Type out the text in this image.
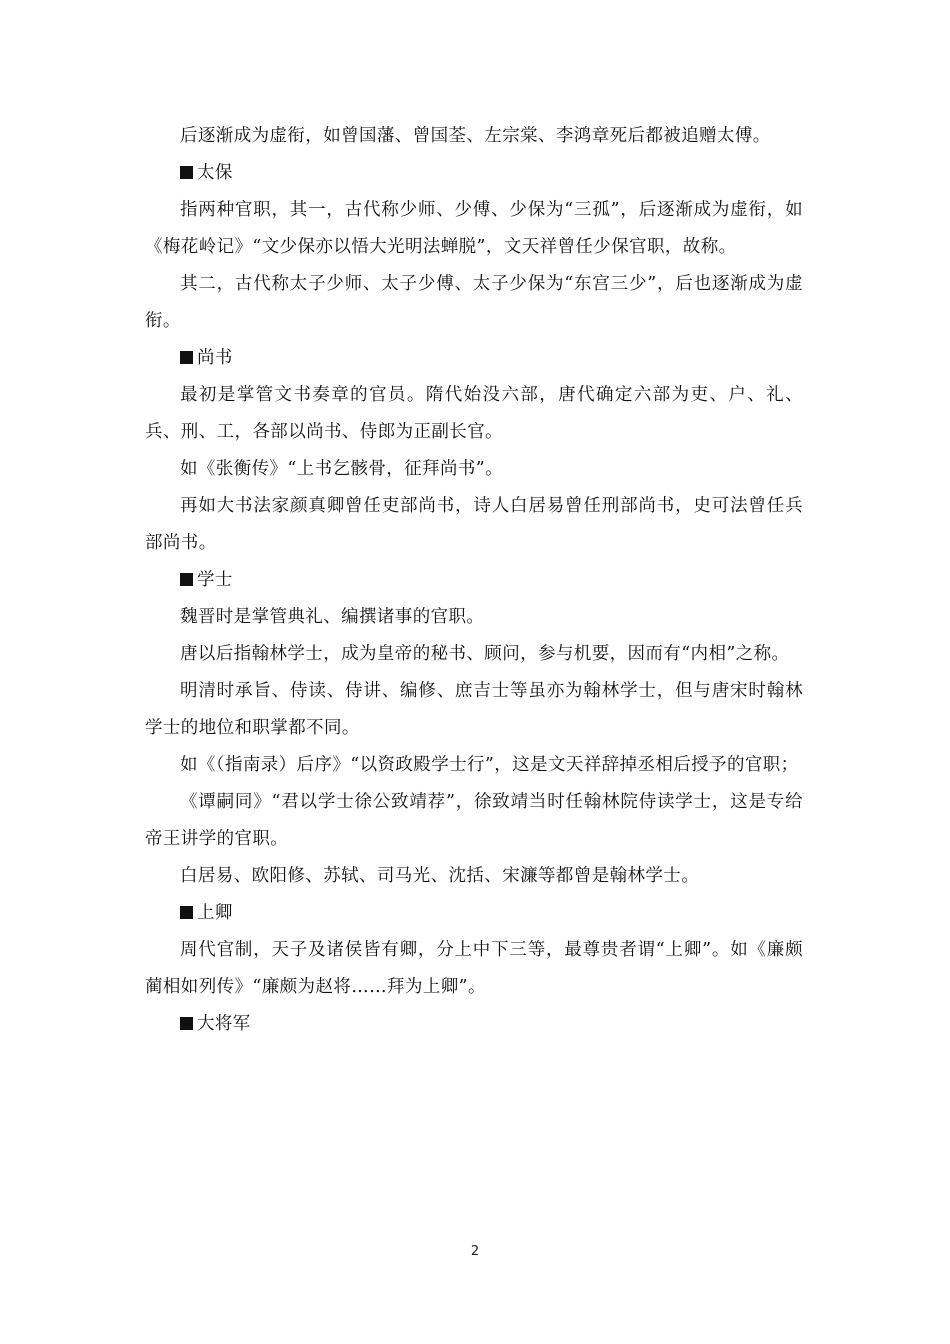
后逐渐成为虚衔，如曾国藩、曾国荃、左宗棠、李鸿章死后都被追赠太傅。

太保

指两种官职，其一，古代称少师、少傅、少保为“三孤”，后逐渐成为虚衔，如《梅花岭记》“文少保亦以悟大光明法蝉脱”，文天祥曾任少保官职，故称。

其二，古代称太子少师、太子少傅、太子少保为“东宫三少”，后也逐渐成为虚衔。

尚书

最初是掌管文书奏章的官员。隋代始没六部，唐代确定六部为吏、户、礼、兵、刑、工，各部以尚书、侍郎为正副长官。

如《张衡传》“上书乞骸骨，征拜尚书”。

再如大书法家颜真卿曾任吏部尚书，诗人白居易曾任刑部尚书，史可法曾任兵部尚书。

学士

魏晋时是掌管典礼、编撰诸事的官职。

唐以后指翰林学士，成为皇帝的秘书、顾问，参与机要，因而有“内相”之称。

明清时承旨、侍读、侍讲、编修、庶吉士等虽亦为翰林学士，但与唐宋时翰林学士的地位和职掌都不同。

如《（指南录）后序》“以资政殿学士行”，这是文天祥辞掉丞相后授予的官职；

《谭嗣同》“君以学士徐公致靖荐”，徐致靖当时任翰林院侍读学士，这是专给帝王讲学的官职。

白居易、欧阳修、苏轼、司马光、沈括、宋濂等都曾是翰林学士。

上卿

周代官制，天子及诸侯皆有卿，分上中下三等，最尊贵者谓“上卿”。如《廉颇蔺相如列传》“廉颇为赵将……拜为上卿”。

大将军

2
